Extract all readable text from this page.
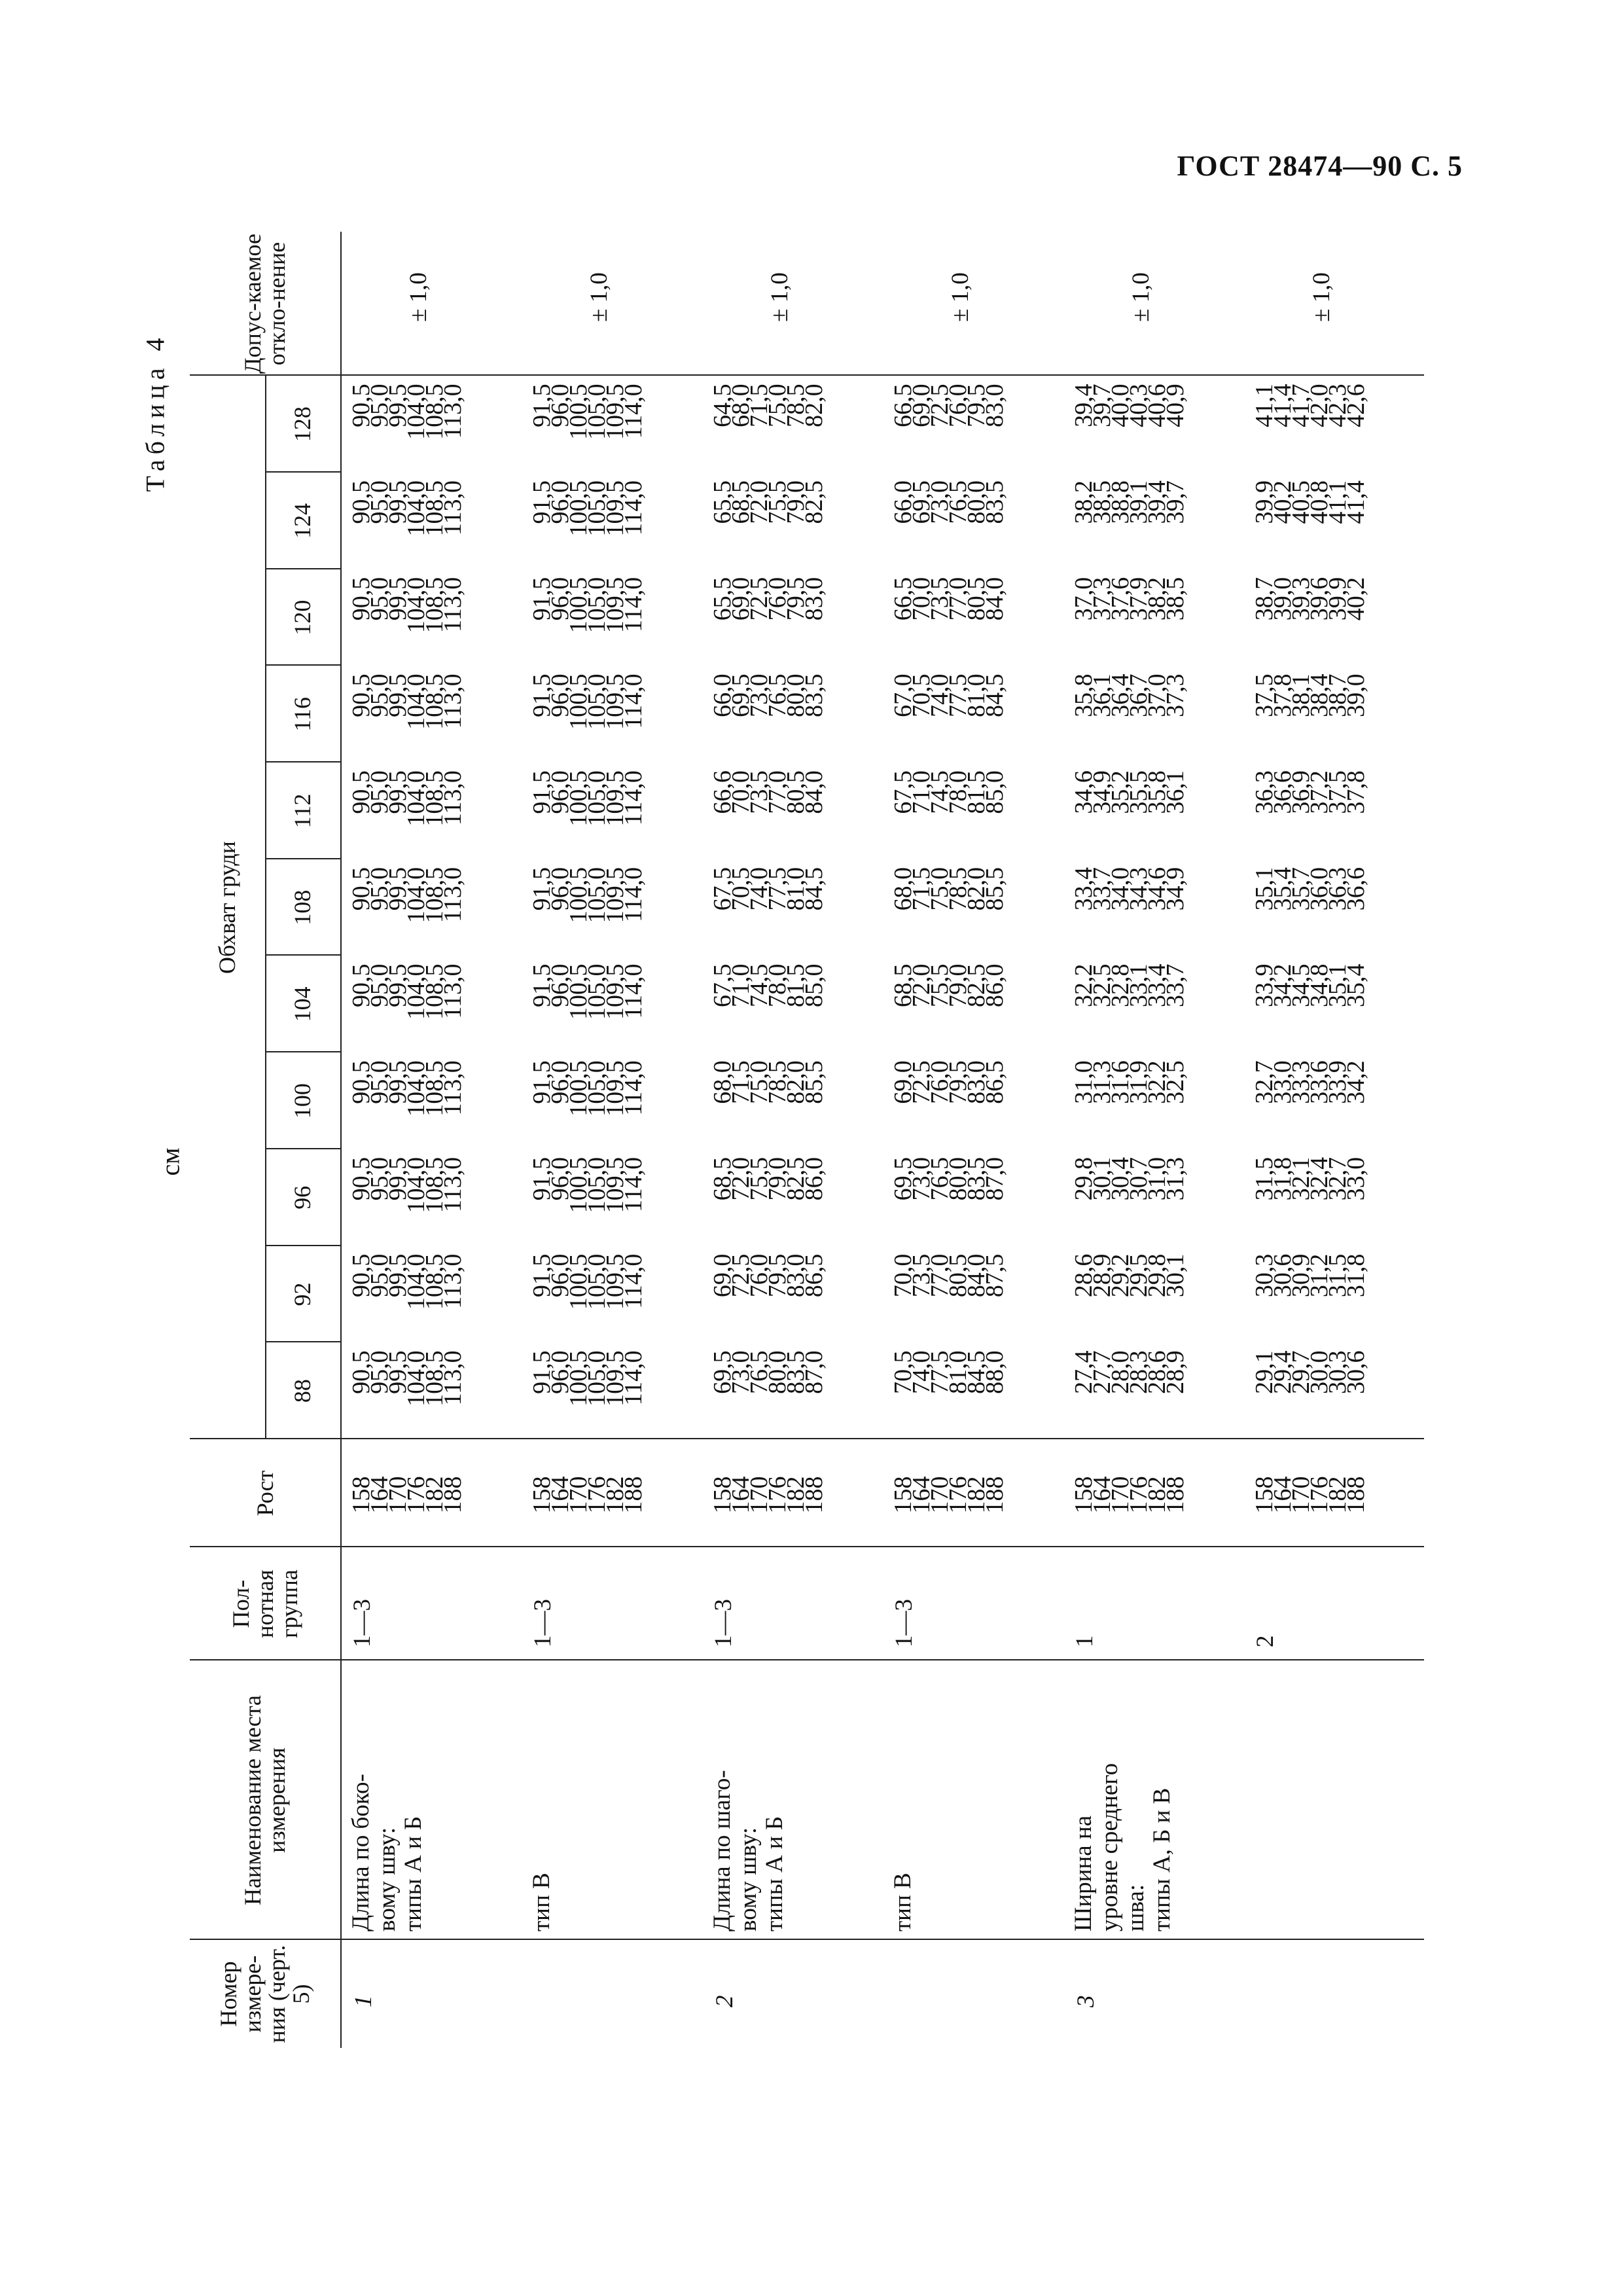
ГОСТ 28474—90 С. 5
Таблица 4
см
Номер измере-ния (черт. 5)
Наименование места измерения
Пол-нотная группа
Рост
Обхват груди
Допус-каемое откло-нение
88
92
96
100
104
108
112
116
120
124
128
1
Длина по боко-
вому шву:
типы А и Б
1—3
158
164
170
176
182
188
90,5
95,0
99,5
104,0
108,5
113,0
90,5
95,0
99,5
104,0
108,5
113,0
90,5
95,0
99,5
104,0
108,5
113,0
90,5
95,0
99,5
104,0
108,5
113,0
90,5
95,0
99,5
104,0
108,5
113,0
90,5
95,0
99,5
104,0
108,5
113,0
90,5
95,0
99,5
104,0
108,5
113,0
90,5
95,0
99,5
104,0
108,5
113,0
90,5
95,0
99,5
104,0
108,5
113,0
90,5
95,0
99,5
104,0
108,5
113,0
90,5
95,0
99,5
104,0
108,5
113,0
± 1,0
тип В
1—3
158
164
170
176
182
188
91,5
96,0
100,5
105,0
109,5
114,0
91,5
96,0
100,5
105,0
109,5
114,0
91,5
96,0
100,5
105,0
109,5
114,0
91,5
96,0
100,5
105,0
109,5
114,0
91,5
96,0
100,5
105,0
109,5
114,0
91,5
96,0
100,5
105,0
109,5
114,0
91,5
96,0
100,5
105,0
109,5
114,0
91,5
96,0
100,5
105,0
109,5
114,0
91,5
96,0
100,5
105,0
109,5
114,0
91,5
96,0
100,5
105,0
109,5
114,0
91,5
96,0
100,5
105,0
109,5
114,0
± 1,0
2
Длина по шаго-
вому шву:
типы А и Б
1—3
158
164
170
176
182
188
69,5
73,0
76,5
80,0
83,5
87,0
69,0
72,5
76,0
79,5
83,0
86,5
68,5
72,0
75,5
79,0
82,5
86,0
68,0
71,5
75,0
78,5
82,0
85,5
67,5
71,0
74,5
78,0
81,5
85,0
67,5
70,5
74,0
77,5
81,0
84,5
66,6
70,0
73,5
77,0
80,5
84,0
66,0
69,5
73,0
76,5
80,0
83,5
65,5
69,0
72,5
76,0
79,5
83,0
65,5
68,5
72,0
75,5
79,0
82,5
64,5
68,0
71,5
75,0
78,5
82,0
± 1,0
тип В
1—3
158
164
170
176
182
188
70,5
74,0
77,5
81,0
84,5
88,0
70,0
73,5
77,0
80,5
84,0
87,5
69,5
73,0
76,5
80,0
83,5
87,0
69,0
72,5
76,0
79,5
83,0
86,5
68,5
72,0
75,5
79,0
82,5
86,0
68,0
71,5
75,0
78,5
82,0
85,5
67,5
71,0
74,5
78,0
81,5
85,0
67,0
70,5
74,0
77,5
81,0
84,5
66,5
70,0
73,5
77,0
80,5
84,0
66,0
69,5
73,0
76,5
80,0
83,5
66,5
69,0
72,5
76,0
79,5
83,0
± 1,0
3
Ширина на
уровне среднего
шва:
типы А, Б и В
1
158
164
170
176
182
188
27,4
27,7
28,0
28,3
28,6
28,9
28,6
28,9
29,2
29,5
29,8
30,1
29,8
30,1
30,4
30,7
31,0
31,3
31,0
31,3
31,6
31,9
32,2
32,5
32,2
32,5
32,8
33,1
33,4
33,7
33,4
33,7
34,0
34,3
34,6
34,9
34,6
34,9
35,2
35,5
35,8
36,1
35,8
36,1
36,4
36,7
37,0
37,3
37,0
37,3
37,6
37,9
38,2
38,5
38,2
38,5
38,8
39,1
39,4
39,7
39,4
39,7
40,0
40,3
40,6
40,9
± 1,0
2
158
164
170
176
182
188
29,1
29,4
29,7
30,0
30,3
30,6
30,3
30,6
30,9
31,2
31,5
31,8
31,5
31,8
32,1
32,4
32,7
33,0
32,7
33,0
33,3
33,6
33,9
34,2
33,9
34,2
34,5
34,8
35,1
35,4
35,1
35,4
35,7
36,0
36,3
36,6
36,3
36,6
36,9
37,2
37,5
37,8
37,5
37,8
38,1
38,4
38,7
39,0
38,7
39,0
39,3
39,6
39,9
40,2
39,9
40,2
40,5
40,8
41,1
41,4
41,1
41,4
41,7
42,0
42,3
42,6
± 1,0
